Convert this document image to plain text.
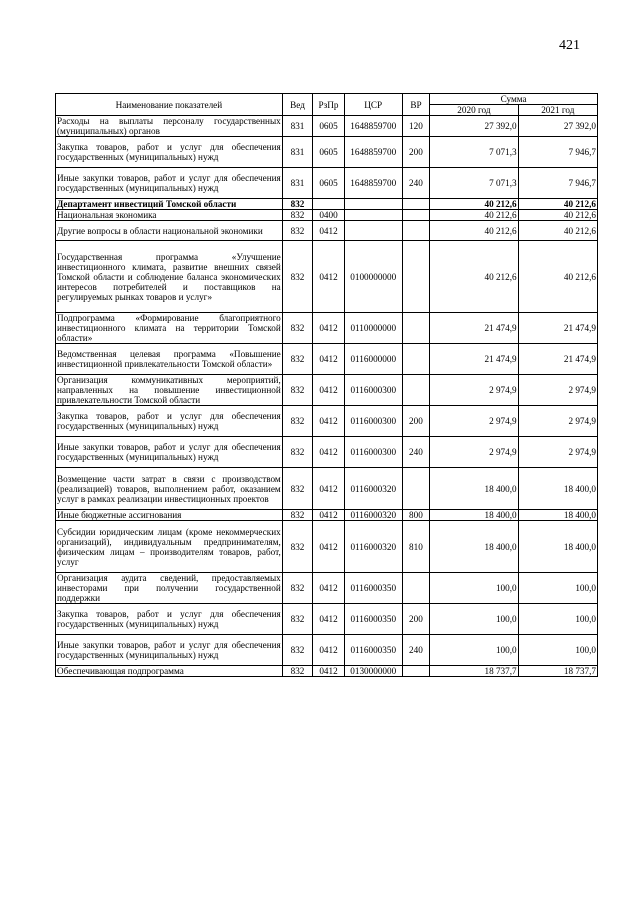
421
Наименование показателей	Вед	РзПр	ЦСР	ВР	Сумма	
					2020 год	2021 год
Расходы на выплаты персоналу государственных (муниципальных) органов	831	0605	1648859700	120	27 392,0	27 392,0
Закупка товаров, работ и услуг для обеспечения государственных (муниципальных) нужд	831	0605	1648859700	200	7 071,3	7 946,7
Иные закупки товаров, работ и услуг для обеспечения государственных (муниципальных) нужд	831	0605	1648859700	240	7 071,3	7 946,7
Департамент инвестиций Томской области	832				40 212,6	40 212,6
Национальная экономика	832	0400			40 212,6	40 212,6
Другие вопросы в области национальной экономики	832	0412			40 212,6	40 212,6
Государственная программа «Улучшение инвестиционного климата, развитие внешних связей Томской области и соблюдение баланса экономических интересов потребителей и поставщиков на регулируемых рынках товаров и услуг»	832	0412	0100000000		40 212,6	40 212,6
Подпрограмма «Формирование благоприятного инвестиционного климата на территории Томской области»	832	0412	0110000000		21 474,9	21 474,9
Ведомственная целевая программа «Повышение инвестиционной привлекательности Томской области»	832	0412	0116000000		21 474,9	21 474,9
Организация коммуникативных мероприятий, направленных на повышение инвестиционной привлекательности Томской области	832	0412	0116000300		2 974,9	2 974,9
Закупка товаров, работ и услуг для обеспечения государственных (муниципальных) нужд	832	0412	0116000300	200	2 974,9	2 974,9
Иные закупки товаров, работ и услуг для обеспечения государственных (муниципальных) нужд	832	0412	0116000300	240	2 974,9	2 974,9
Возмещение части затрат в связи с производством (реализацией) товаров, выполнением работ, оказанием услуг в рамках реализации инвестиционных проектов	832	0412	0116000320		18 400,0	18 400,0
Иные бюджетные ассигнования	832	0412	0116000320	800	18 400,0	18 400,0
Субсидии юридическим лицам (кроме некоммерческих организаций), индивидуальным предпринимателям, физическим лицам – производителям товаров, работ, услуг	832	0412	0116000320	810	18 400,0	18 400,0
Организация аудита сведений, предоставляемых инвесторами при получении государственной поддержки	832	0412	0116000350		100,0	100,0
Закупка товаров, работ и услуг для обеспечения государственных (муниципальных) нужд	832	0412	0116000350	200	100,0	100,0
Иные закупки товаров, работ и услуг для обеспечения государственных (муниципальных) нужд	832	0412	0116000350	240	100,0	100,0
Обеспечивающая подпрограмма	832	0412	0130000000		18 737,7	18 737,7
